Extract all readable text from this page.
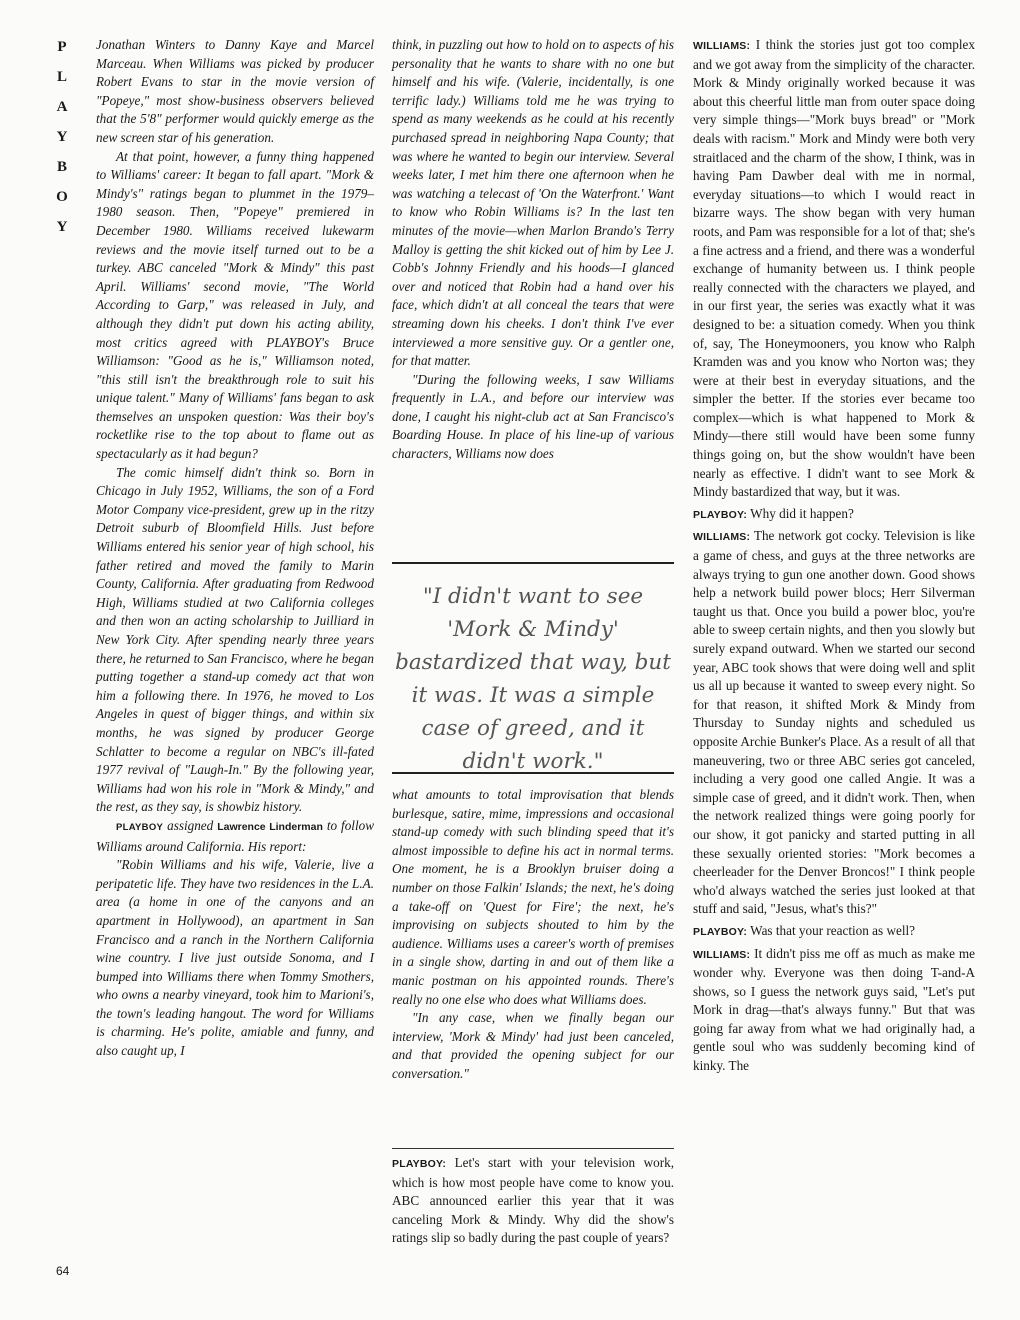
P
L
A
Y
B
O
Y
64

Jonathan Winters to Danny Kaye and Marcel Marceau. When Williams was picked by producer Robert Evans to star in the movie version of "Popeye," most show-business observers believed that the 5'8" performer would quickly emerge as the new screen star of his generation.

At that point, however, a funny thing happened to Williams' career: It began to fall apart. "Mork & Mindy's" ratings began to plummet in the 1979–1980 season. Then, "Popeye" premiered in December 1980. Williams received lukewarm reviews and the movie itself turned out to be a turkey. ABC canceled "Mork & Mindy" this past April. Williams' second movie, "The World According to Garp," was released in July, and although they didn't put down his acting ability, most critics agreed with PLAYBOY's Bruce Williamson: "Good as he is," Williamson noted, "this still isn't the breakthrough role to suit his unique talent." Many of Williams' fans began to ask themselves an unspoken question: Was their boy's rocketlike rise to the top about to flame out as spectacularly as it had begun?

The comic himself didn't think so. Born in Chicago in July 1952, Williams, the son of a Ford Motor Company vice-president, grew up in the ritzy Detroit suburb of Bloomfield Hills. Just before Williams entered his senior year of high school, his father retired and moved the family to Marin County, California. After graduating from Redwood High, Williams studied at two California colleges and then won an acting scholarship to Juilliard in New York City. After spending nearly three years there, he returned to San Francisco, where he began putting together a stand-up comedy act that won him a following there. In 1976, he moved to Los Angeles in quest of bigger things, and within six months, he was signed by producer George Schlatter to become a regular on NBC's ill-fated 1977 revival of "Laugh-In." By the following year, Williams had won his role in "Mork & Mindy," and the rest, as they say, is showbiz history.

PLAYBOY assigned Lawrence Linderman to follow Williams around California. His report:

"Robin Williams and his wife, Valerie, live a peripatetic life. They have two residences in the L.A. area (a home in one of the canyons and an apartment in Hollywood), an apartment in San Francisco and a ranch in the Northern California wine country. I live just outside Sonoma, and I bumped into Williams there when Tommy Smothers, who owns a nearby vineyard, took him to Marioni's, the town's leading hangout. The word for Williams is charming. He's polite, amiable and funny, and also caught up, I

think, in puzzling out how to hold on to aspects of his personality that he wants to share with no one but himself and his wife. (Valerie, incidentally, is one terrific lady.) Williams told me he was trying to spend as many weekends as he could at his recently purchased spread in neighboring Napa County; that was where he wanted to begin our interview. Several weeks later, I met him there one afternoon when he was watching a telecast of 'On the Waterfront.' Want to know who Robin Williams is? In the last ten minutes of the movie—when Marlon Brando's Terry Malloy is getting the shit kicked out of him by Lee J. Cobb's Johnny Friendly and his hoods—I glanced over and noticed that Robin had a hand over his face, which didn't at all conceal the tears that were streaming down his cheeks. I don't think I've ever interviewed a more sensitive guy. Or a gentler one, for that matter.

"During the following weeks, I saw Williams frequently in L.A., and before our interview was done, I caught his night-club act at San Francisco's Boarding House. In place of his line-up of various characters, Williams now does

"I didn't want to see 'Mork & Mindy' bastardized that way, but it was. It was a simple case of greed, and it didn't work."

what amounts to total improvisation that blends burlesque, satire, mime, impressions and occasional stand-up comedy with such blinding speed that it's almost impossible to define his act in normal terms. One moment, he is a Brooklyn bruiser doing a number on those Falkin' Islands; the next, he's doing a take-off on 'Quest for Fire'; the next, he's improvising on subjects shouted to him by the audience. Williams uses a career's worth of premises in a single show, darting in and out of them like a manic postman on his appointed rounds. There's really no one else who does what Williams does.

"In any case, when we finally began our interview, 'Mork & Mindy' had just been canceled, and that provided the opening subject for our conversation."

PLAYBOY: Let's start with your television work, which is how most people have come to know you. ABC announced earlier this year that it was canceling Mork & Mindy. Why did the show's ratings slip so badly during the past couple of years?

WILLIAMS: I think the stories just got too complex and we got away from the simplicity of the character. Mork & Mindy originally worked because it was about this cheerful little man from outer space doing very simple things—"Mork buys bread" or "Mork deals with racism." Mork and Mindy were both very straitlaced and the charm of the show, I think, was in having Pam Dawber deal with me in normal, everyday situations—to which I would react in bizarre ways. The show began with very human roots, and Pam was responsible for a lot of that; she's a fine actress and a friend, and there was a wonderful exchange of humanity between us. I think people really connected with the characters we played, and in our first year, the series was exactly what it was designed to be: a situation comedy. When you think of, say, The Honeymooners, you know who Ralph Kramden was and you know who Norton was; they were at their best in everyday situations, and the simpler the better. If the stories ever became too complex—which is what happened to Mork & Mindy—there still would have been some funny things going on, but the show wouldn't have been nearly as effective. I didn't want to see Mork & Mindy bastardized that way, but it was.

PLAYBOY: Why did it happen?

WILLIAMS: The network got cocky. Television is like a game of chess, and guys at the three networks are always trying to gun one another down. Good shows help a network build power blocs; Herr Silverman taught us that. Once you build a power bloc, you're able to sweep certain nights, and then you slowly but surely expand outward. When we started our second year, ABC took shows that were doing well and split us all up because it wanted to sweep every night. So for that reason, it shifted Mork & Mindy from Thursday to Sunday nights and scheduled us opposite Archie Bunker's Place. As a result of all that maneuvering, two or three ABC series got canceled, including a very good one called Angie. It was a simple case of greed, and it didn't work. Then, when the network realized things were going poorly for our show, it got panicky and started putting in all these sexually oriented stories: "Mork becomes a cheerleader for the Denver Broncos!" I think people who'd always watched the series just looked at that stuff and said, "Jesus, what's this?"

PLAYBOY: Was that your reaction as well?

WILLIAMS: It didn't piss me off as much as make me wonder why. Everyone was then doing T-and-A shows, so I guess the network guys said, "Let's put Mork in drag—that's always funny." But that was going far away from what we had originally had, a gentle soul who was suddenly becoming kind of kinky. The
